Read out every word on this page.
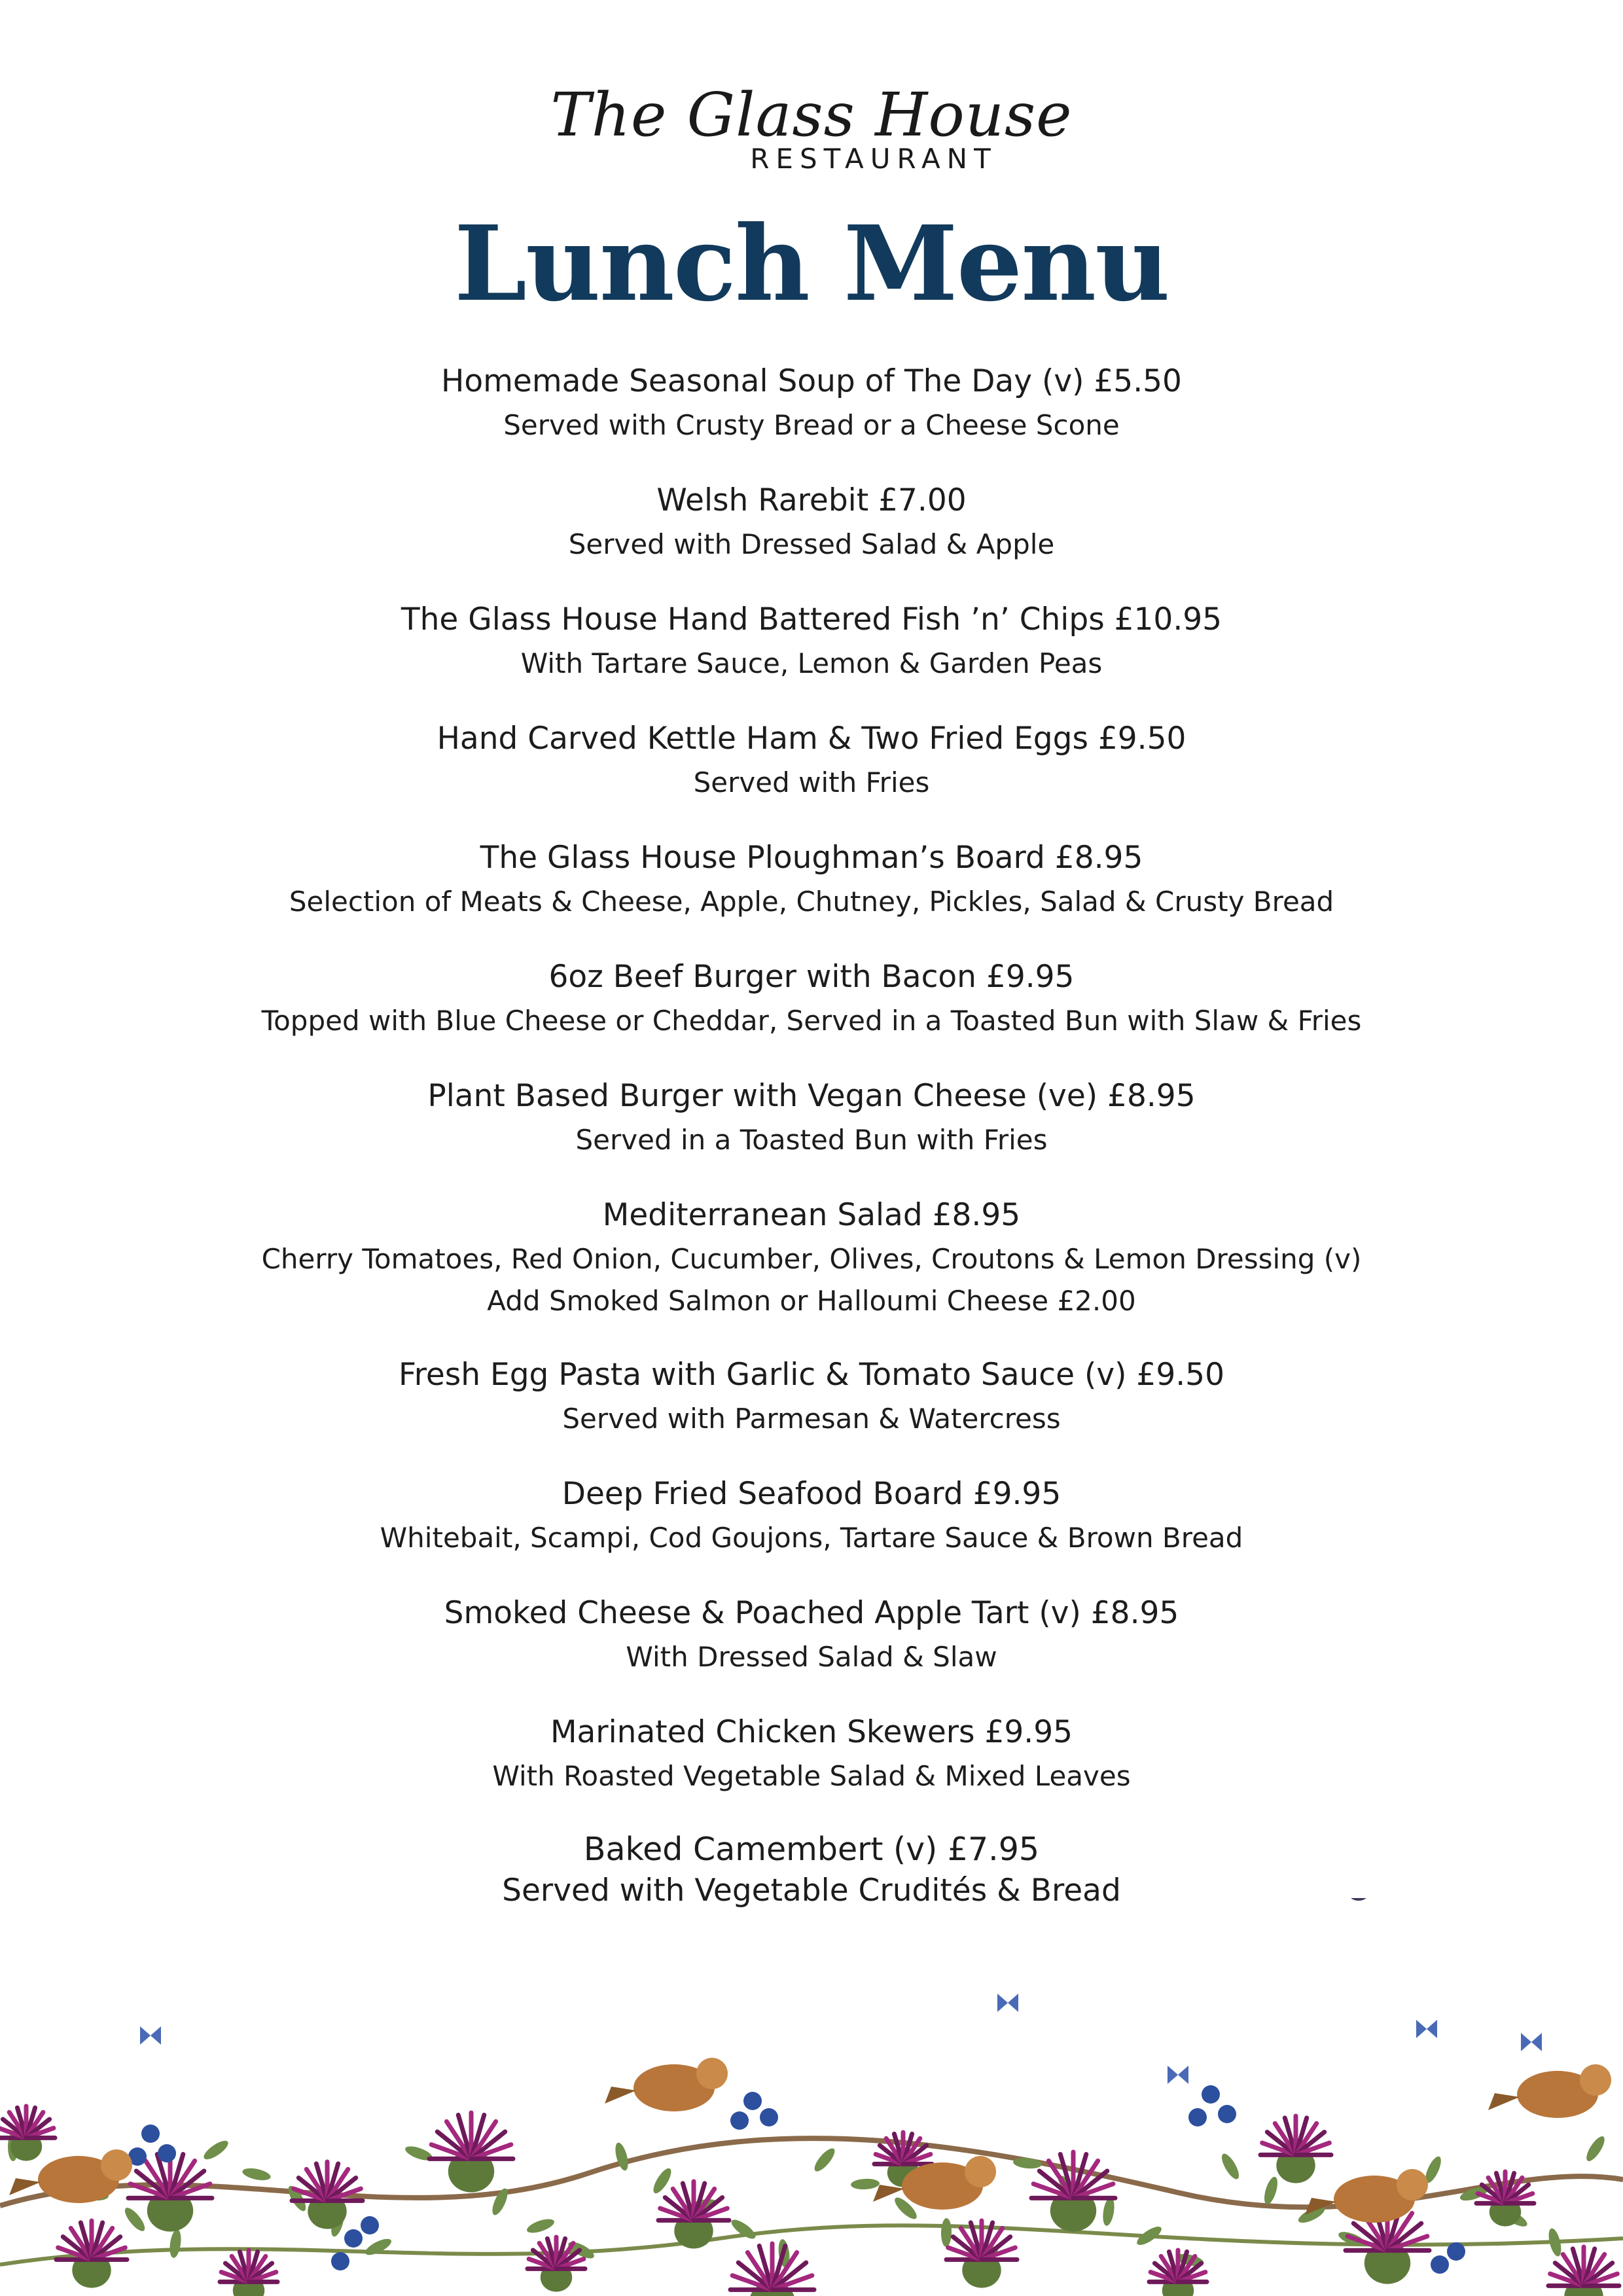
The Glass House
RESTAURANT
Lunch Menu
Homemade Seasonal Soup of The Day (v) £5.50
Served with Crusty Bread or a Cheese Scone
Welsh Rarebit £7.00
Served with Dressed Salad & Apple
The Glass House Hand Battered Fish ’n’ Chips £10.95
With Tartare Sauce, Lemon & Garden Peas
Hand Carved Kettle Ham & Two Fried Eggs £9.50
Served with Fries
The Glass House Ploughman’s Board £8.95
Selection of Meats & Cheese, Apple, Chutney, Pickles, Salad & Crusty Bread
6oz Beef Burger with Bacon £9.95
Topped with Blue Cheese or Cheddar, Served in a Toasted Bun with Slaw & Fries
Plant Based Burger with Vegan Cheese (ve) £8.95
Served in a Toasted Bun with Fries
Mediterranean Salad £8.95
Cherry Tomatoes, Red Onion, Cucumber, Olives, Croutons & Lemon Dressing (v)
Add Smoked Salmon or Halloumi Cheese £2.00
Fresh Egg Pasta with Garlic & Tomato Sauce (v) £9.50
Served with Parmesan & Watercress
Deep Fried Seafood Board £9.95
Whitebait, Scampi, Cod Goujons, Tartare Sauce & Brown Bread
Smoked Cheese & Poached Apple Tart (v) £8.95
With Dressed Salad & Slaw
Marinated Chicken Skewers £9.95
With Roasted Vegetable Salad & Mixed Leaves
Baked Camembert (v) £7.95
Served with Vegetable Crudités & Bread
